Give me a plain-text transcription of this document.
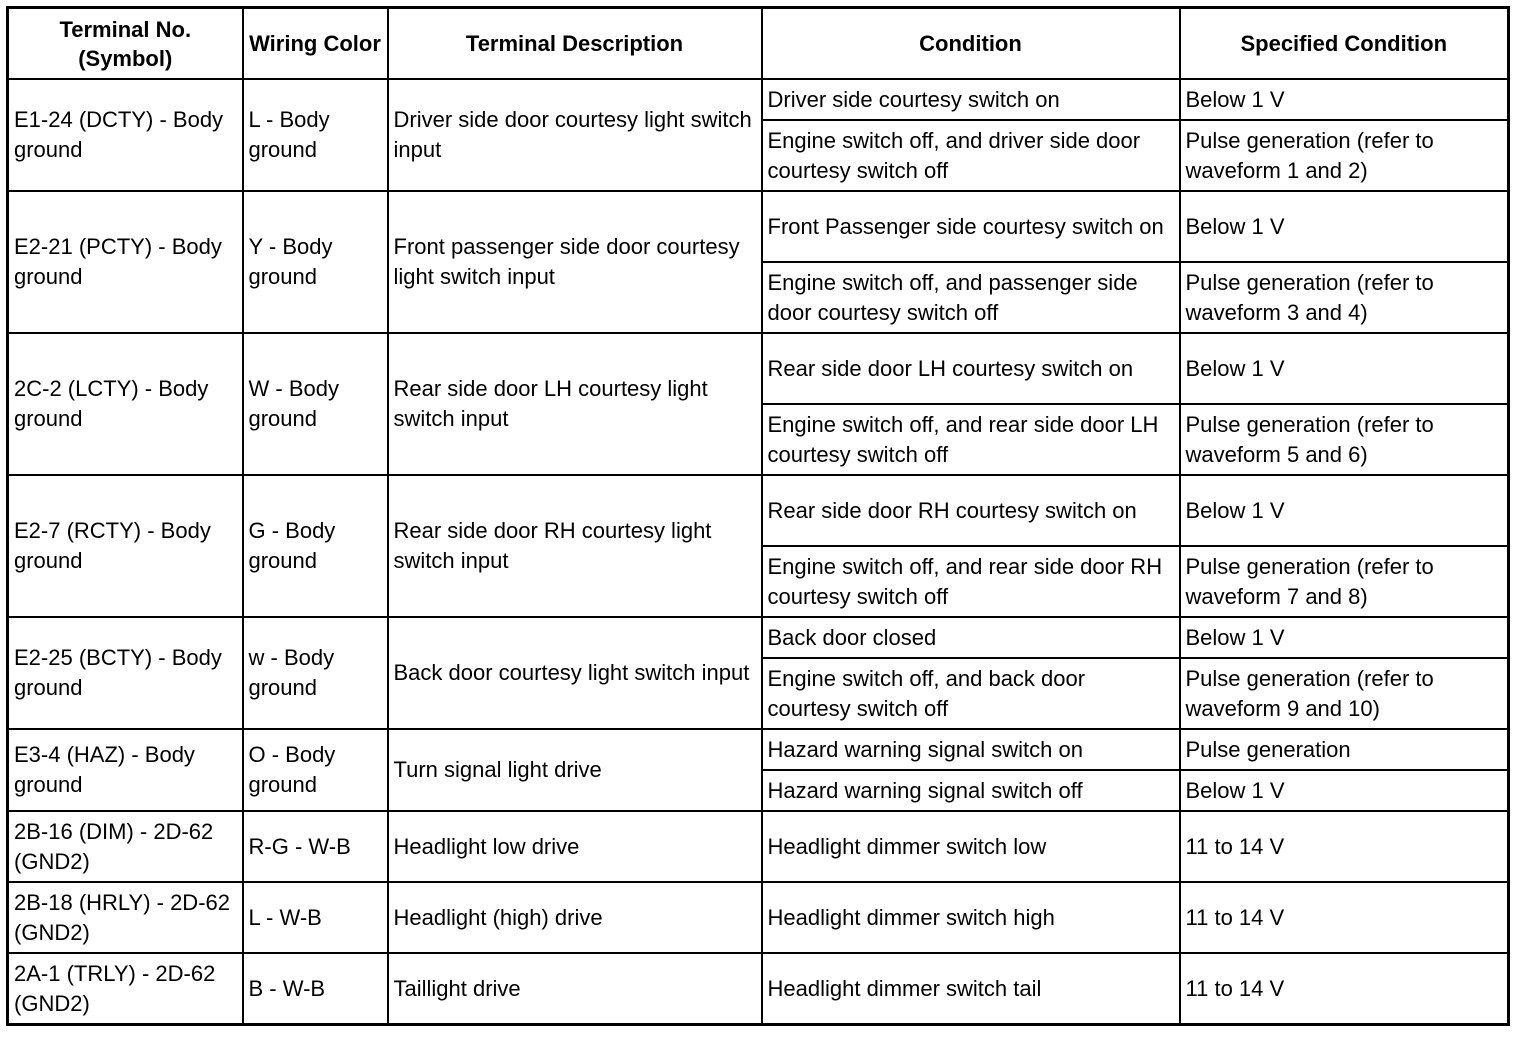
Terminal No. (Symbol)	Wiring Color	Terminal Description	Condition	Specified Condition
E1-24 (DCTY) - Body ground	L - Body ground	Driver side door courtesy light switch input	Driver side courtesy switch on	Below 1 V
			Engine switch off, and driver side door courtesy switch off	Pulse generation (refer to waveform 1 and 2)
E2-21 (PCTY) - Body ground	Y - Body ground	Front passenger side door courtesy light switch input	Front Passenger side courtesy switch on	Below 1 V
			Engine switch off, and passenger side door courtesy switch off	Pulse generation (refer to waveform 3 and 4)
2C-2 (LCTY) - Body ground	W - Body ground	Rear side door LH courtesy light switch input	Rear side door LH courtesy switch on	Below 1 V
			Engine switch off, and rear side door LH courtesy switch off	Pulse generation (refer to waveform 5 and 6)
E2-7 (RCTY) - Body ground	G - Body ground	Rear side door RH courtesy light switch input	Rear side door RH courtesy switch on	Below 1 V
			Engine switch off, and rear side door RH courtesy switch off	Pulse generation (refer to waveform 7 and 8)
E2-25 (BCTY) - Body ground	w - Body ground	Back door courtesy light switch input	Back door closed	Below 1 V
			Engine switch off, and back door courtesy switch off	Pulse generation (refer to waveform 9 and 10)
E3-4 (HAZ) - Body ground	O - Body ground	Turn signal light drive	Hazard warning signal switch on	Pulse generation
			Hazard warning signal switch off	Below 1 V
2B-16 (DIM) - 2D-62 (GND2)	R-G - W-B	Headlight low drive	Headlight dimmer switch low	11 to 14 V
2B-18 (HRLY) - 2D-62 (GND2)	L - W-B	Headlight (high) drive	Headlight dimmer switch high	11 to 14 V
2A-1 (TRLY) - 2D-62 (GND2)	B - W-B	Taillight drive	Headlight dimmer switch tail	11 to 14 V
